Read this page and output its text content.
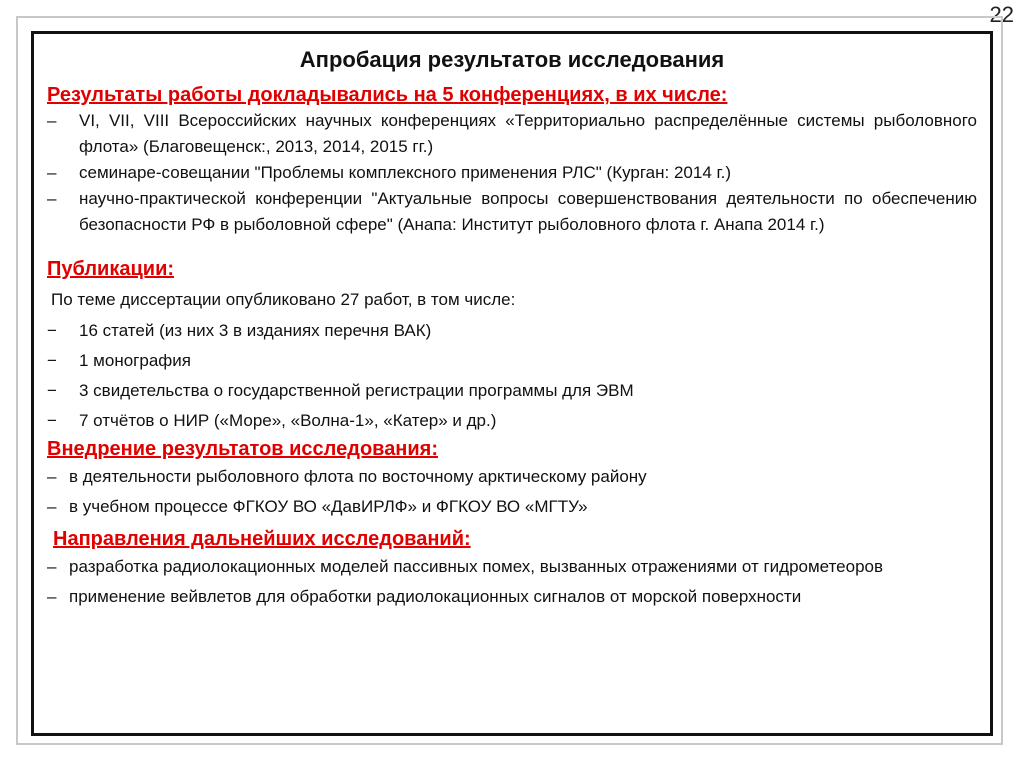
22
Апробация результатов исследования
Результаты работы докладывались на 5 конференциях, в их числе:
–	VI, VII, VIII Всероссийских научных конференциях «Территориально распределённые системы рыболовного флота» (Благовещенск:, 2013, 2014, 2015 гг.)
–	семинаре-совещании "Проблемы комплексного применения РЛС" (Курган: 2014 г.)
–	научно-практической конференции "Актуальные вопросы совершенствования деятельности по обеспечению безопасности РФ в рыболовной сфере" (Анапа: Институт рыболовного флота г. Анапа 2014 г.)
Публикации:
По теме диссертации опубликовано 27 работ, в том числе:
−	16 статей (из них 3 в изданиях перечня ВАК)
−	1 монография
−	3 свидетельства о государственной регистрации программы для ЭВМ
−	7 отчётов о НИР («Море», «Волна-1», «Катер» и др.)
Внедрение результатов исследования:
– в деятельности рыболовного флота по восточному арктическому району
– в учебном процессе ФГКОУ ВО «ДавИРЛФ» и ФГКОУ ВО «МГТУ»
Направления дальнейших исследований:
– разработка радиолокационных моделей пассивных помех, вызванных отражениями от гидрометеоров
– применение вейвлетов для обработки радиолокационных сигналов от морской поверхности
